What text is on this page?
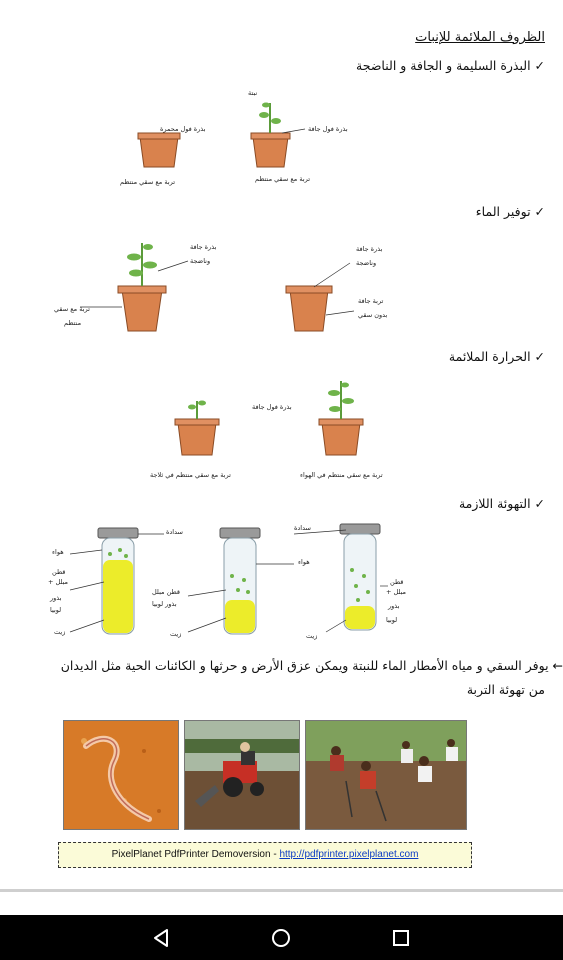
الظروف الملائمة للإنبات
✓ البذرة السليمة و الجافة و الناضجة
نبتة
بذرة فول جافة
بذرة فول محمرة
تربة مع سقي منتظم	تربة مع سقي منتظم
✓ توفير الماء
بذرة جافة
وناضجة
تربة مع سقي
منتظم
بذرة جافة
وناضجة
تربة جافة
بدون سقي
✓ الحرارة الملائمة
بذرة فول جافة
تربة مع سقي منتظم في ثلاجة	تربة مع سقي منتظم في الهواء
✓ التهوئة اللازمة
سدادة	سدادة
هواء
هواء
قطن
مبلل +
بذور
لوبيا
زيت
قطن مبلل
بذور لوبيا
زيت
قطن
مبلل +
بذور
لوبيا
زيت
← يوفر السقي و مياه الأمطار الماء للنبتة ويمكن عزق الأرض و حرثها و الكائنات الحية مثل الديدان
من تهوئة التربة
PixelPlanet PdfPrinter Demoversion - http://pdfprinter.pixelplanet.com
